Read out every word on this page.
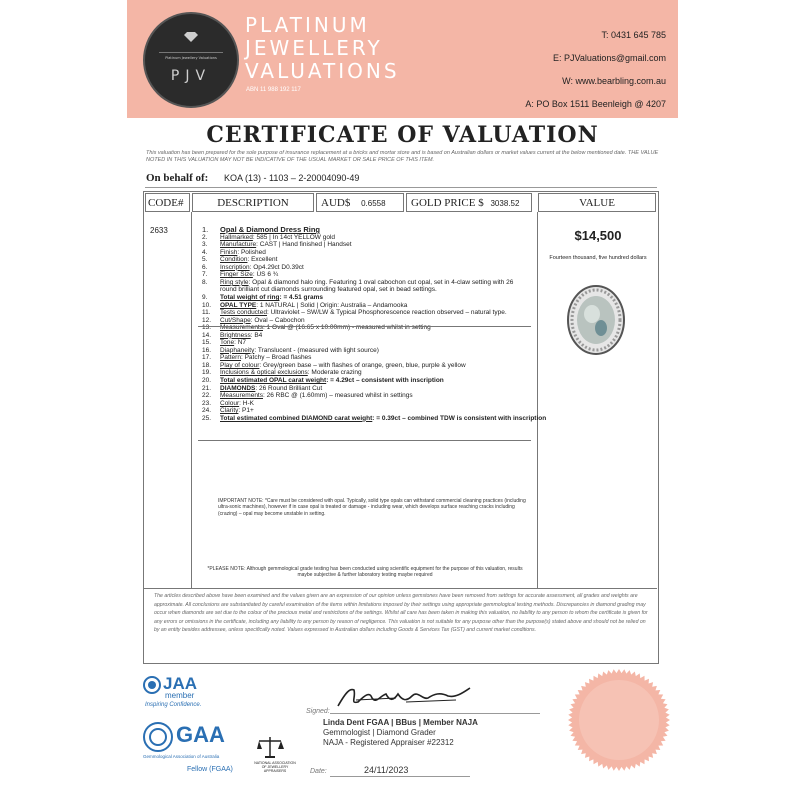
Platinum Jewellery Valuations
PJV
PLATINUM
JEWELLERY
VALUATIONS
ABN 11 988 192 117
T: 0431 645 785
E: PJValuations@gmail.com
W: www.bearbling.com.au
A: PO Box 1511 Beenleigh @ 4207
CERTIFICATE OF VALUATION
This valuation has been prepared for the sole purpose of insurance replacement at a bricks and mortar store and is based on Australian dollars or market values current at the below mentioned date. THE VALUE NOTED IN THIS VALUATION MAY NOT BE INDICATIVE OF THE USUAL MARKET OR SALE PRICE OF THIS ITEM.
On behalf of: KOA (13) - 1103 – 2-20004090-49
CODE#	DESCRIPTION	AUD$ 0.6558	GOLD PRICE $ 3038.52	VALUE
2633	1. Opal & Diamond Dress Ring
2. Hallmarked: 585 | In 14ct YELLOW gold
3. Manufacture: CAST | Hand finished | Handset
4. Finish: Polished
5. Condition: Excellent
6. Inscription: Op4.29ct D0.39ct
7. Finger Size: US 6 ¾
8. Ring style: Opal & diamond halo ring. Featuring 1 oval cabochon cut opal, set in 4-claw setting with 26
round brilliant cut diamonds surrounding featured opal, set in bead settings.
9. Total weight of ring: = 4.51 grams
10. OPAL TYPE: 1 NATURAL | Solid | Origin: Australia – Andamooka
11. Tests conducted: Ultraviolet – SW/LW & Typical Phosphorescence reaction observed – natural type.
12. Cut/Shape: Oval – Cabochon
13. Measurements: 1 Oval @ (16.65 x 10.00mm) - measured whilst in setting
14. Brightness: B4
15. Tone: N7
16. Diaphaneity: Translucent - (measured with light source)
17. Pattern: Patchy – Broad flashes
18. Play of colour: Grey/green base – with flashes of orange, green, blue, purple & yellow
19. Inclusions & optical exclusions: Moderate crazing
20. Total estimated OPAL carat weight: = 4.29ct – consistent with inscription
21. DIAMONDS: 26 Round Brilliant Cut
22. Measurements: 26 RBC @ (1.60mm) – measured whilst in settings
23. Colour: H-K
24. Clarity: P1+
25. Total estimated combined DIAMOND carat weight: = 0.39ct – combined TDW is consistent with inscription
IMPORTANT NOTE: *Care must be considered with opal. Typically, solid type opals can withstand commercial cleaning practices (including ultra-sonic machines), however if in case opal is treated or damage - including wear, which develops surface reaching cracks including (crazing) – opal may become unstable in setting.
*PLEASE NOTE: Although gemmological grade testing has been conducted using scientific equipment for the purpose of this valuation, results maybe subjective & further laboratory testing maybe required
$14,500
Fourteen thousand, five hundred dollars
The articles described above have been examined and the values given are an expression of our opinion unless gemstones have been removed from settings for accurate assessment, all grades and weights are approximate. All conclusions are substantiated by careful examination of the items within limitations imposed by their settings using appropriate gemmological testing methods. Discrepancies in diamond grading may occur when diamonds are set due to the colour of the precious metal and restrictions of the settings. Whilst all care has been taken in making this valuation, no liability to any person to whom the certificate is given for any errors or omissions in the certificate, including any liability to any person by reason of negligence. This valuation is not suitable for any purpose other than the purpose(s) stated above and should not be relied on by an entity besides addressee, unless specifically noted. Values expressed in Australian dollars including Goods & Services Tax (GST) and current market conditions.
JAA
member
Inspiring Confidence.
GAA
Gemmological Association of Australia
Fellow (FGAA)
NATIONAL ASSOCIATION OF JEWELLERY APPRAISERS
Signed:
Linda Dent FGAA | BBus | Member NAJA
Gemmologist | Diamond Grader
NAJA - Registered Appraiser #22312
Date:	24/11/2023
